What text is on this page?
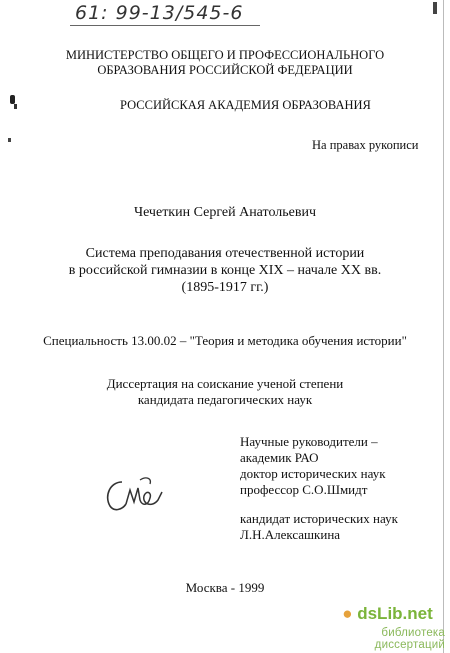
61: 99-13/545-6
МИНИСТЕРСТВО ОБЩЕГО И ПРОФЕССИОНАЛЬНОГО
ОБРАЗОВАНИЯ РОССИЙСКОЙ ФЕДЕРАЦИИ
РОССИЙСКАЯ АКАДЕМИЯ ОБРАЗОВАНИЯ
На правах рукописи
Чечеткин Сергей Анатольевич
Система преподавания отечественной истории
в российской гимназии в конце XIX – начале XX вв.
(1895-1917 гг.)
Специальность 13.00.02 – "Теория и методика обучения истории"
Диссертация на соискание ученой степени
кандидата педагогических наук
Научные руководители –
академик РАО
доктор исторических наук
профессор С.О.Шмидт
кандидат исторических наук
Л.Н.Алексашкина
Москва - 1999
● dsLib.net
библиотека диссертаций
